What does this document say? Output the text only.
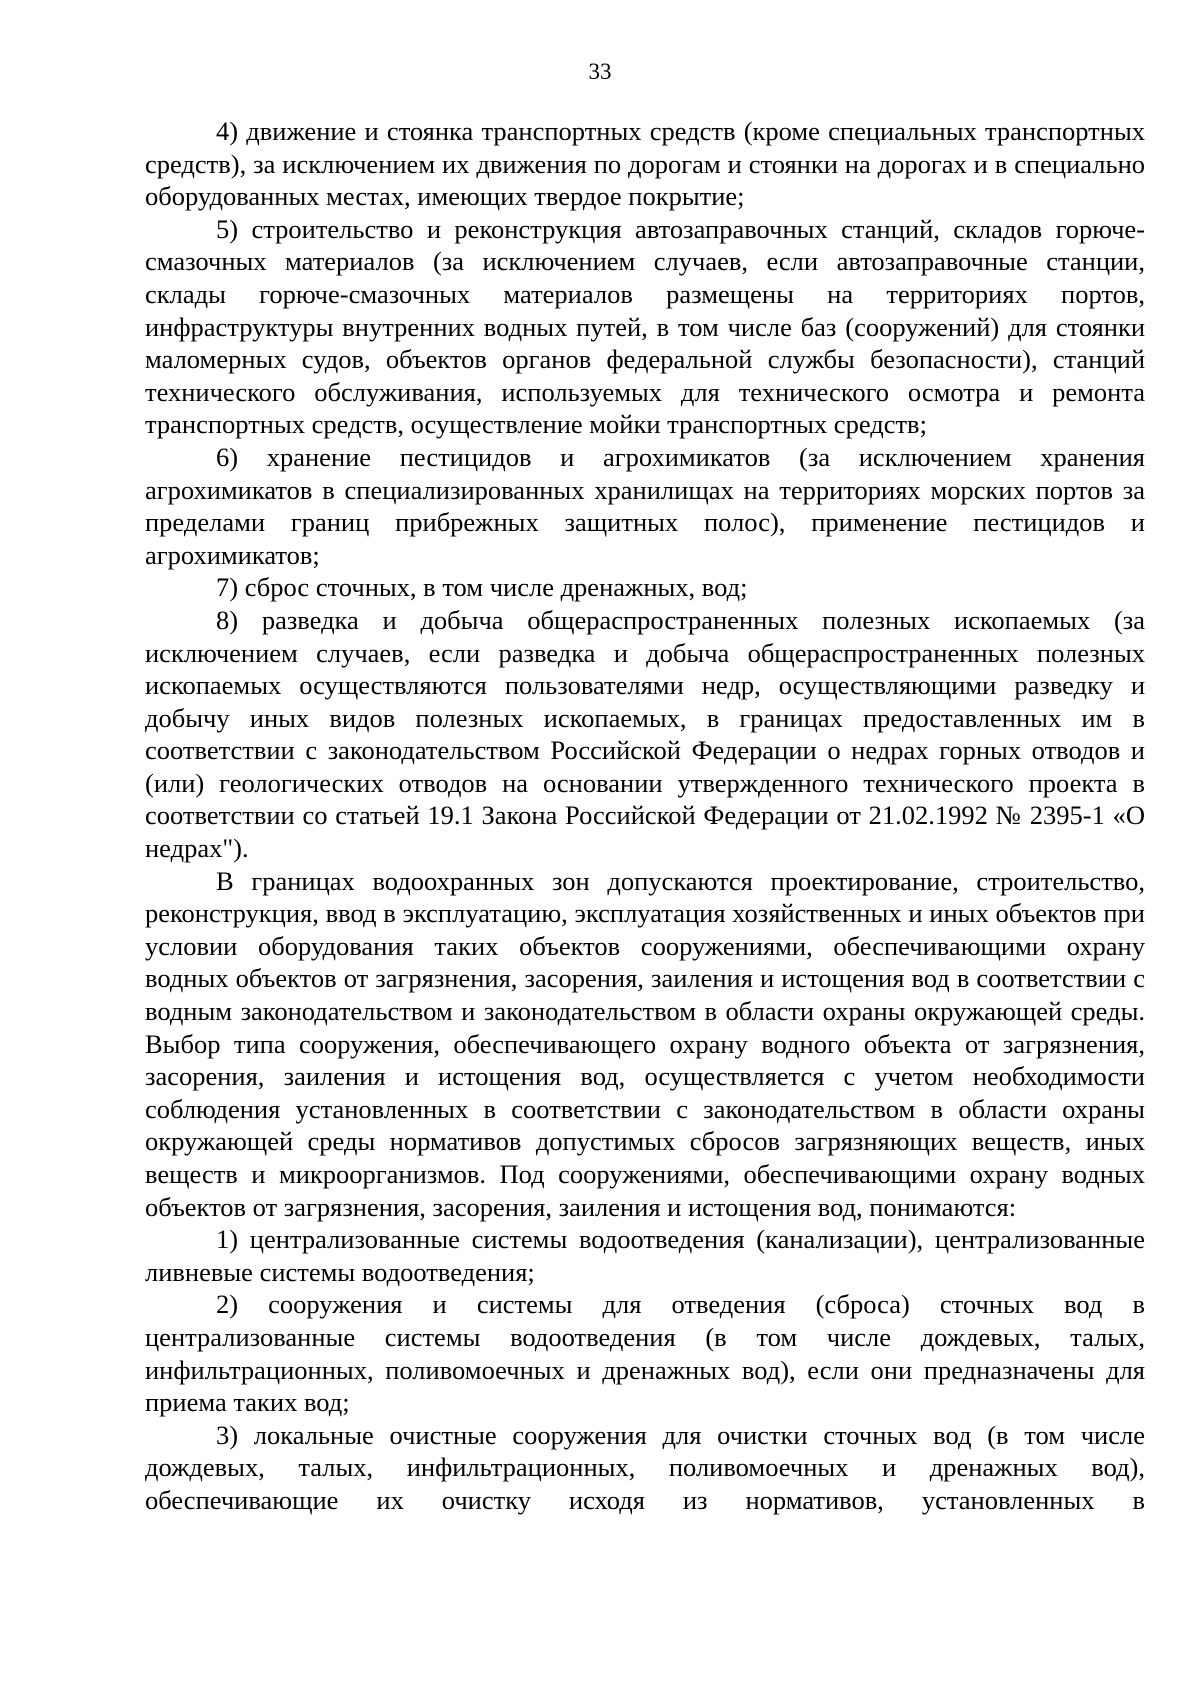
33

4) движение и стоянка транспортных средств (кроме специальных транспортных средств), за исключением их движения по дорогам и стоянки на дорогах и в специально оборудованных местах, имеющих твердое покрытие;

5) строительство и реконструкция автозаправочных станций, складов горюче-смазочных материалов (за исключением случаев, если автозаправочные станции, склады горюче-смазочных материалов размещены на территориях портов, инфраструктуры внутренних водных путей, в том числе баз (сооружений) для стоянки маломерных судов, объектов органов федеральной службы безопасности), станций технического обслуживания, используемых для технического осмотра и ремонта транспортных средств, осуществление мойки транспортных средств;

6) хранение пестицидов и агрохимикатов (за исключением хранения агрохимикатов в специализированных хранилищах на территориях морских портов за пределами границ прибрежных защитных полос), применение пестицидов и агрохимикатов;

7) сброс сточных, в том числе дренажных, вод;

8) разведка и добыча общераспространенных полезных ископаемых (за исключением случаев, если разведка и добыча общераспространенных полезных ископаемых осуществляются пользователями недр, осуществляющими разведку и добычу иных видов полезных ископаемых, в границах предоставленных им в соответствии с законодательством Российской Федерации о недрах горных отводов и (или) геологических отводов на основании утвержденного технического проекта в соответствии со статьей 19.1 Закона Российской Федерации от 21.02.1992 № 2395-1 «О недрах").

В границах водоохранных зон допускаются проектирование, строительство, реконструкция, ввод в эксплуатацию, эксплуатация хозяйственных и иных объектов при условии оборудования таких объектов сооружениями, обеспечивающими охрану водных объектов от загрязнения, засорения, заиления и истощения вод в соответствии с водным законодательством и законодательством в области охраны окружающей среды. Выбор типа сооружения, обеспечивающего охрану водного объекта от загрязнения, засорения, заиления и истощения вод, осуществляется с учетом необходимости соблюдения установленных в соответствии с законодательством в области охраны окружающей среды нормативов допустимых сбросов загрязняющих веществ, иных веществ и микроорганизмов. Под сооружениями, обеспечивающими охрану водных объектов от загрязнения, засорения, заиления и истощения вод, понимаются:

1) централизованные системы водоотведения (канализации), централизованные ливневые системы водоотведения;

2) сооружения и системы для отведения (сброса) сточных вод в централизованные системы водоотведения (в том числе дождевых, талых, инфильтрационных, поливомоечных и дренажных вод), если они предназначены для приема таких вод;

3) локальные очистные сооружения для очистки сточных вод (в том числе дождевых, талых, инфильтрационных, поливомоечных и дренажных вод), обеспечивающие их очистку исходя из нормативов, установленных в
